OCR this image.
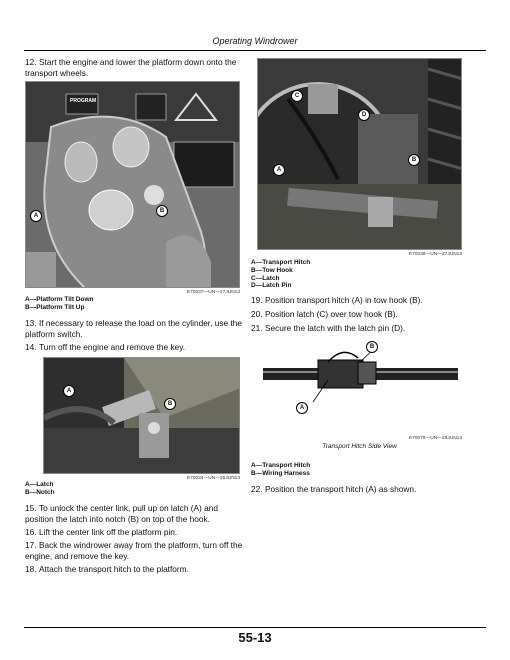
Operating Windrower
12. Start the engine and lower the platform down onto the transport wheels.
PROGRAM
A
B
E70037—UN—27JUN13
A—Platform Tilt Down
B—Platform Tilt Up
13. If necessary to release the load on the cylinder, use the platform switch.
14. Turn off the engine and remove the key.
A
B
E70034—UN—25JUN13
A—Latch
B—Notch
15. To unlock the center link, pull up on latch (A) and position the latch into notch (B) on top of the hook.
16. Lift the center link off the platform pin.
17. Back the windrower away from the platform, turn off the engine, and remove the key.
18. Attach the transport hitch to the platform.
C
D
B
A
E70038—UN—27JUN13
A—Transport Hitch
B—Tow Hook
C—Latch
D—Latch Pin
19. Position transport hitch (A) in tow hook (B).
20. Position latch (C) over tow hook (B).
21. Secure the latch with the latch pin (D).
B
A
E70079—UN—28JUN13
Transport Hitch Side View
A—Transport Hitch
B—Wiring Harness
22. Position the transport hitch (A) as shown.
55-13
